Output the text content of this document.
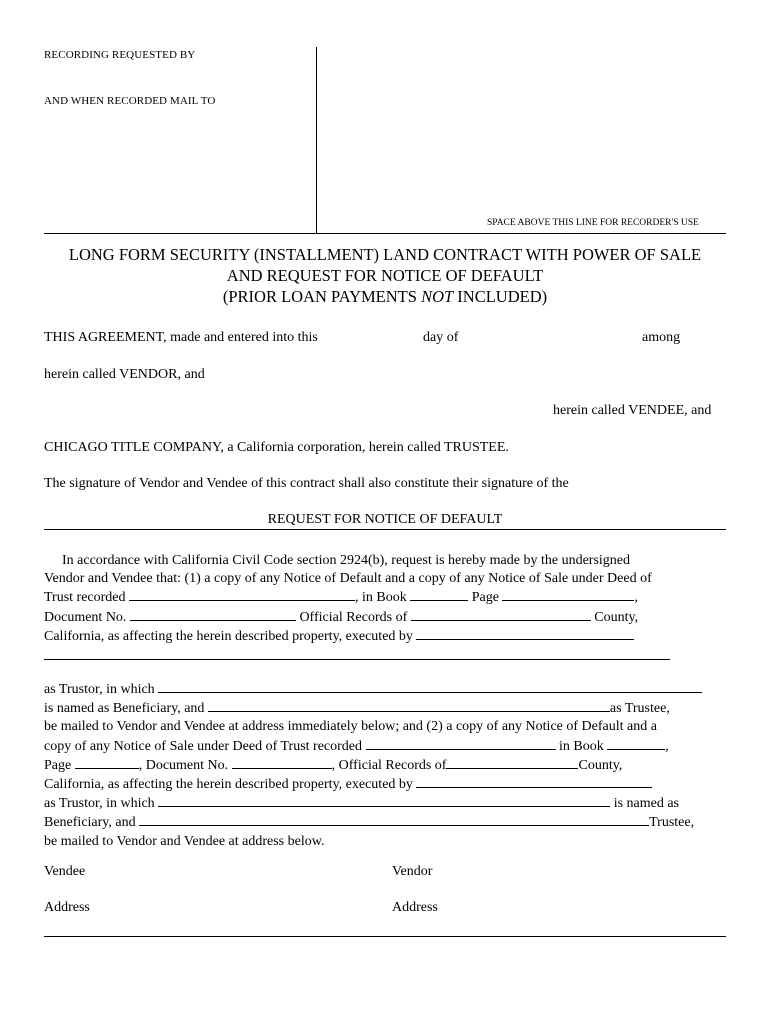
RECORDING REQUESTED BY
AND WHEN RECORDED MAIL TO
SPACE ABOVE THIS LINE FOR RECORDER'S USE
LONG FORM SECURITY (INSTALLMENT) LAND CONTRACT WITH POWER OF SALE
AND REQUEST FOR NOTICE OF DEFAULT
(PRIOR LOAN PAYMENTS NOT INCLUDED)
THIS AGREEMENT, made and entered into this	day of	among
herein called VENDOR, and
herein called VENDEE, and
CHICAGO TITLE COMPANY, a California corporation, herein called TRUSTEE.
The signature of Vendor and Vendee of this contract shall also constitute their signature of the
REQUEST FOR NOTICE OF DEFAULT
In accordance with California Civil Code section 2924(b), request is hereby made by the undersigned
Vendor and Vendee that: (1) a copy of any Notice of Default and a copy of any Notice of Sale under Deed of
Trust recorded	, in Book	Page	,
Document No.	Official Records of	County,
California, as affecting the herein described property, executed by
as Trustor, in which
is named as Beneficiary, and	as Trustee,
be mailed to Vendor and Vendee at address immediately below; and (2) a copy of any Notice of Default and a
copy of any Notice of Sale under Deed of Trust recorded	in Book	,
Page	, Document No.	, Official Records of	County,
California, as affecting the herein described property, executed by
as Trustor, in which	is named as
Beneficiary, and	Trustee,
be mailed to Vendor and Vendee at address below.
Vendee	Vendor
Address	Address
